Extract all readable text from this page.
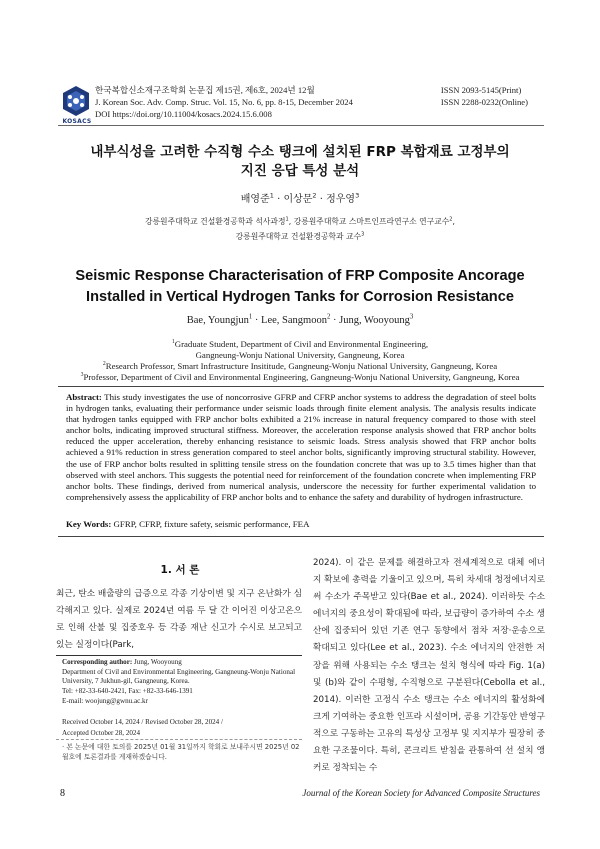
KOSACS
한국복합신소재구조학회 논문집 제15권, 제6호, 2024년 12월
J. Korean Soc. Adv. Comp. Struc. Vol. 15, No. 6, pp. 8-15, December 2024
DOI https://doi.org/10.11004/kosacs.2024.15.6.008
ISSN 2093-5145(Print)
ISSN 2288-0232(Online)
내부식성을 고려한 수직형 수소 탱크에 설치된 FRP 복합재료 고정부의
지진 응답 특성 분석
배영준$^1$ · 이상문$^2$ · 정우영$^3$
강릉원주대학교 건설환경공학과 석사과정$^1$, 강릉원주대학교 스마트인프라연구소 연구교수$^2$,
강릉원주대학교 건설환경공학과 교수$^3$
Seismic Response Characterisation of FRP Composite Ancorage
Installed in Vertical Hydrogen Tanks for Corrosion Resistance
Bae, Youngjun$^1$ · Lee, Sangmoon$^2$ · Jung, Wooyoung$^3$
$^1$Graduate Student, Department of Civil and Environmental Engineering,
Gangneung-Wonju National University, Gangneung, Korea
$^2$Research Professor, Smart Infrastructure Insititude, Gangneung-Wonju National University, Gangneung, Korea
$^3$Professor, Department of Civil and Environmental Engineering, Gangneung-Wonju National University, Gangneung, Korea
Abstract: This study investigates the use of noncorrosive GFRP and CFRP anchor systems to address the degradation of steel bolts in hydrogen tanks, evaluating their performance under seismic loads through finite element analysis. The analysis results indicate that hydrogen tanks equipped with FRP anchor bolts exhibited a 21% increase in natural frequency compared to those with steel anchor bolts, indicating improved structural stiffness. Moreover, the acceleration response analysis showed that FRP anchor bolts reduced the upper acceleration, thereby enhancing resistance to seismic loads. Stress analysis showed that FRP anchor bolts achieved a 91% reduction in stress generation compared to steel anchor bolts, significantly improving structural stability. However, the use of FRP anchor bolts resulted in splitting tensile stress on the foundation concrete that was up to 3.5 times higher than that observed with steel anchors. This suggests the potential need for reinforcement of the foundation concrete when implementing FRP anchor bolts. These findings, derived from numerical analysis, underscore the necessity for further experimental validation to comprehensively assess the applicability of FRP anchor bolts and to enhance the safety and durability of hydrogen infrastructure.
Key Words: GFRP, CFRP, fixture safety, seismic performance, FEA
1. 서 론
최근, 탄소 배출량의 급증으로 각종 기상이변 및 지구 온난화가 심각해지고 있다. 실제로 2024년 여름 두 달 간 이어진 이상고온으로 인해 산불 및 집중호우 등 각종 재난 신고가 수시로 보고되고 있는 실정이다(Park,
2024). 이 같은 문제를 해결하고자 전세계적으로 대체 에너지 확보에 총력을 기울이고 있으며, 특히 차세대 청정에너지로써 수소가 주목받고 있다(Bae et al., 2024). 이러하듯 수소 에너지의 중요성이 확대됨에 따라, 보급량이 증가하여 수소 생산에 집중되어 있던 기존 연구 동향에서 점차 저장·운송으로 확대되고 있다(Lee et al., 2023). 수소 에너지의 안전한 저장을 위해 사용되는 수소 탱크는 설치 형식에 따라 Fig. 1(a) 및 (b)와 같이 수평형, 수직형으로 구분된다(Cebolla et al., 2014). 이러한 고정식 수소 탱크는 수소 에너지의 활성화에 크게 기여하는 중요한 인프라 시설이며, 공용 기간동안 반영구적으로 구동하는 고유의 특성상 고정부 및 지지부가 필장히 중요한 구조물이다. 특히, 콘크리트 받침을 관통하여 선 설치 앵커로 정착되는 수
Corresponding author: Jung, Wooyoung
Department of Civil and Environmental Engineering, Gangneung-Wonju National University, 7 Jukhun-gil, Gangneung, Korea.
Tel: +82-33-640-2421, Fax: +82-33-646-1391
E-mail: woojung@gwnu.ac.kr
Received October 14, 2024 / Revised October 28, 2024 /
Accepted October 28, 2024
· 본 논문에 대한 토의를 2025년 01월 31일까지 학회로 보내주시면 2025년 02월호에 토론결과를 게재하겠습니다.
8	Journal of the Korean Society for Advanced Composite Structures
